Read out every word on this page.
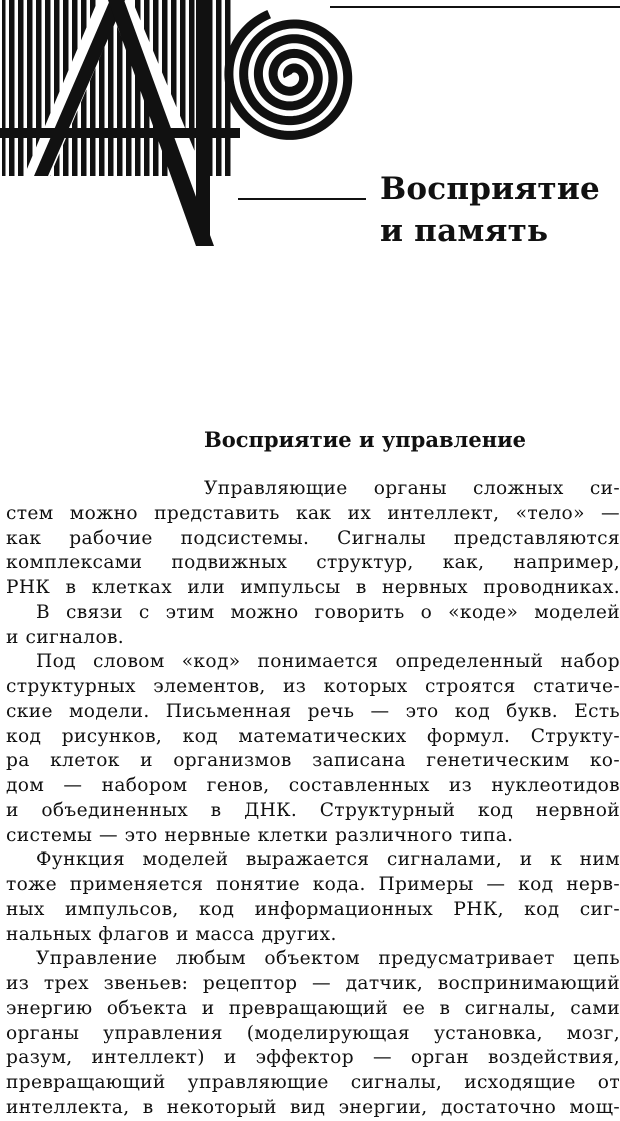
Восприятие
и память
Восприятие и управление
Управляющие органы сложных си-
стем можно представить как их интеллект, «тело» —
как рабочие подсистемы. Сигналы представляются
комплексами подвижных структур, как, например,
РНК в клетках или импульсы в нервных проводниках.
В связи с этим можно говорить о «коде» моделей
и сигналов.
Под словом «код» понимается определенный набор
структурных элементов, из которых строятся статиче-
ские модели. Письменная речь — это код букв. Есть
код рисунков, код математических формул. Структу-
ра клеток и организмов записана генетическим ко-
дом — набором генов, составленных из нуклеотидов
и объединенных в ДНК. Структурный код нервной
системы — это нервные клетки различного типа.
Функция моделей выражается сигналами, и к ним
тоже применяется понятие кода. Примеры — код нерв-
ных импульсов, код информационных РНК, код сиг-
нальных флагов и масса других.
Управление любым объектом предусматривает цепь
из трех звеньев: рецептор — датчик, воспринимающий
энергию объекта и превращающий ее в сигналы, сами
органы управления (моделирующая установка, мозг,
разум, интеллект) и эффектор — орган воздействия,
превращающий управляющие сигналы, исходящие от
интеллекта, в некоторый вид энергии, достаточно мощ-
